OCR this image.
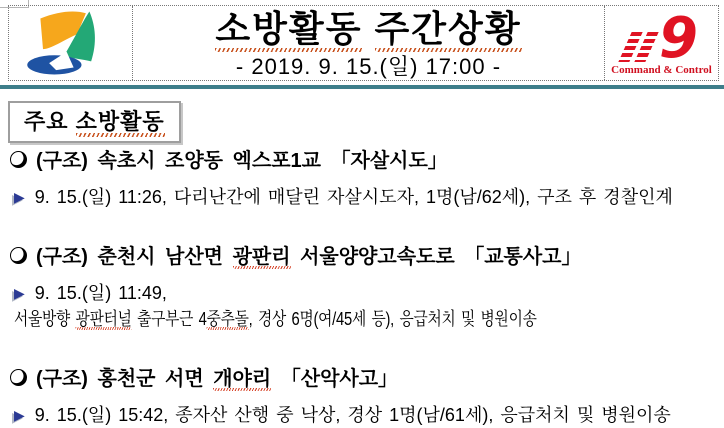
소방활동 주간상황
- 2019. 9. 15.(일) 17:00 -	9
Command & Control
주요 소방활동
(구조) 속초시 조양동 엑스포1교 「자살시도」
▶ 9. 15.(일) 11:26, 다리난간에 매달린 자살시도자, 1명(남/62세), 구조 후 경찰인계
(구조) 춘천시 남산면 광판리 서울양양고속도로 「교통사고」
▶ 9. 15.(일) 11:49, 서울방향 광판터널 출구부근 4중추돌, 경상 6명(여/45세 등), 응급처치 및 병원이송
(구조) 홍천군 서면 개야리 「산악사고」
▶ 9. 15.(일) 15:42, 종자산 산행 중 낙상, 경상 1명(남/61세), 응급처치 및 병원이송
